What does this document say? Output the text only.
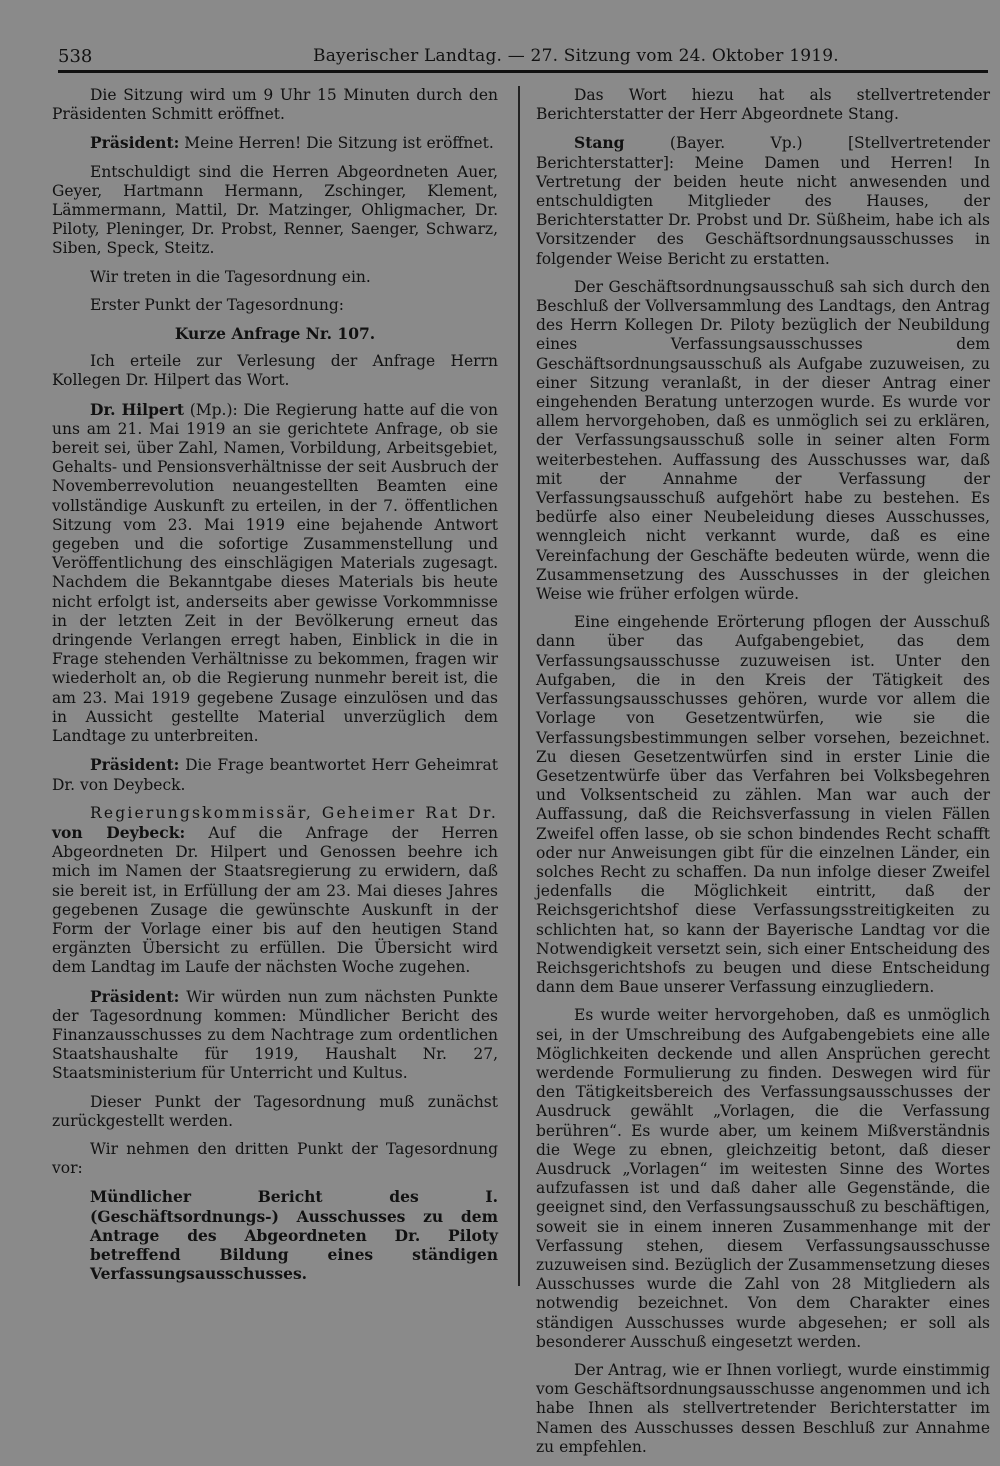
538	Bayerischer Landtag. — 27. Sitzung vom 24. Oktober 1919.

Die Sitzung wird um 9 Uhr 15 Minuten durch den Präsidenten Schmitt eröffnet.

Präsident: Meine Herren! Die Sitzung ist eröffnet.

Entschuldigt sind die Herren Abgeordneten Auer, Geyer, Hartmann Hermann, Zschinger, Klement, Lämmermann, Mattil, Dr. Matzinger, Ohligmacher, Dr. Piloty, Pleninger, Dr. Probst, Renner, Saenger, Schwarz, Siben, Speck, Steitz.

Wir treten in die Tagesordnung ein.

Erster Punkt der Tagesordnung:

Kurze Anfrage Nr. 107.

Ich erteile zur Verlesung der Anfrage Herrn Kollegen Dr. Hilpert das Wort.

Dr. Hilpert (Mp.): Die Regierung hatte auf die von uns am 21. Mai 1919 an sie gerichtete Anfrage, ob sie bereit sei, über Zahl, Namen, Vorbildung, Arbeitsgebiet, Gehalts- und Pensionsverhältnisse der seit Ausbruch der Novemberrevolution neuangestellten Beamten eine vollständige Auskunft zu erteilen, in der 7. öffentlichen Sitzung vom 23. Mai 1919 eine bejahende Antwort gegeben und die sofortige Zusammenstellung und Veröffentlichung des einschlägigen Materials zugesagt. Nachdem die Bekanntgabe dieses Materials bis heute nicht erfolgt ist, anderseits aber gewisse Vorkommnisse in der letzten Zeit in der Bevölkerung erneut das dringende Verlangen erregt haben, Einblick in die in Frage stehenden Verhältnisse zu bekommen, fragen wir wiederholt an, ob die Regierung nunmehr bereit ist, die am 23. Mai 1919 gegebene Zusage einzulösen und das in Aussicht gestellte Material unverzüglich dem Landtage zu unterbreiten.

Präsident: Die Frage beantwortet Herr Geheimrat Dr. von Deybeck.

Regierungskommissär, Geheimer Rat Dr. von Deybeck: Auf die Anfrage der Herren Abgeordneten Dr. Hilpert und Genossen beehre ich mich im Namen der Staatsregierung zu erwidern, daß sie bereit ist, in Erfüllung der am 23. Mai dieses Jahres gegebenen Zusage die gewünschte Auskunft in der Form der Vorlage einer bis auf den heutigen Stand ergänzten Übersicht zu erfüllen. Die Übersicht wird dem Landtag im Laufe der nächsten Woche zugehen.

Präsident: Wir würden nun zum nächsten Punkte der Tagesordnung kommen: Mündlicher Bericht des Finanzausschusses zu dem Nachtrage zum ordentlichen Staatshaushalte für 1919, Haushalt Nr. 27, Staatsministerium für Unterricht und Kultus.

Dieser Punkt der Tagesordnung muß zunächst zurückgestellt werden.

Wir nehmen den dritten Punkt der Tagesordnung vor:

Mündlicher Bericht des I. (Geschäftsordnungs-) Ausschusses zu dem Antrage des Abgeordneten Dr. Piloty betreffend Bildung eines ständigen Verfassungsausschusses.

Das Wort hiezu hat als stellvertretender Berichterstatter der Herr Abgeordnete Stang.

Stang (Bayer. Vp.) [Stellvertretender Berichterstatter]: Meine Damen und Herren! In Vertretung der beiden heute nicht anwesenden und entschuldigten Mitglieder des Hauses, der Berichterstatter Dr. Probst und Dr. Süßheim, habe ich als Vorsitzender des Geschäftsordnungsausschusses in folgender Weise Bericht zu erstatten.

Der Geschäftsordnungsausschuß sah sich durch den Beschluß der Vollversammlung des Landtags, den Antrag des Herrn Kollegen Dr. Piloty bezüglich der Neubildung eines Verfassungsausschusses dem Geschäftsordnungsausschuß als Aufgabe zuzuweisen, zu einer Sitzung veranlaßt, in der dieser Antrag einer eingehenden Beratung unterzogen wurde. Es wurde vor allem hervorgehoben, daß es unmöglich sei zu erklären, der Verfassungsausschuß solle in seiner alten Form weiterbestehen. Auffassung des Ausschusses war, daß mit der Annahme der Verfassung der Verfassungsausschuß aufgehört habe zu bestehen. Es bedürfe also einer Neubeleidung dieses Ausschusses, wenngleich nicht verkannt wurde, daß es eine Vereinfachung der Geschäfte bedeuten würde, wenn die Zusammensetzung des Ausschusses in der gleichen Weise wie früher erfolgen würde.

Eine eingehende Erörterung pflogen der Ausschuß dann über das Aufgabengebiet, das dem Verfassungsausschusse zuzuweisen ist. Unter den Aufgaben, die in den Kreis der Tätigkeit des Verfassungsausschusses gehören, wurde vor allem die Vorlage von Gesetzentwürfen, wie sie die Verfassungsbestimmungen selber vorsehen, bezeichnet. Zu diesen Gesetzentwürfen sind in erster Linie die Gesetzentwürfe über das Verfahren bei Volksbegehren und Volksentscheid zu zählen. Man war auch der Auffassung, daß die Reichsverfassung in vielen Fällen Zweifel offen lasse, ob sie schon bindendes Recht schafft oder nur Anweisungen gibt für die einzelnen Länder, ein solches Recht zu schaffen. Da nun infolge dieser Zweifel jedenfalls die Möglichkeit eintritt, daß der Reichsgerichtshof diese Verfassungsstreitigkeiten zu schlichten hat, so kann der Bayerische Landtag vor die Notwendigkeit versetzt sein, sich einer Entscheidung des Reichsgerichtshofs zu beugen und diese Entscheidung dann dem Baue unserer Verfassung einzugliedern.

Es wurde weiter hervorgehoben, daß es unmöglich sei, in der Umschreibung des Aufgabengebiets eine alle Möglichkeiten deckende und allen Ansprüchen gerecht werdende Formulierung zu finden. Deswegen wird für den Tätigkeitsbereich des Verfassungsausschusses der Ausdruck gewählt „Vorlagen, die die Verfassung berühren“. Es wurde aber, um keinem Mißverständnis die Wege zu ebnen, gleichzeitig betont, daß dieser Ausdruck „Vorlagen“ im weitesten Sinne des Wortes aufzufassen ist und daß daher alle Gegenstände, die geeignet sind, den Verfassungsausschuß zu beschäftigen, soweit sie in einem inneren Zusammenhange mit der Verfassung stehen, diesem Verfassungsausschusse zuzuweisen sind. Bezüglich der Zusammensetzung dieses Ausschusses wurde die Zahl von 28 Mitgliedern als notwendig bezeichnet. Von dem Charakter eines ständigen Ausschusses wurde abgesehen; er soll als besonderer Ausschuß eingesetzt werden.

Der Antrag, wie er Ihnen vorliegt, wurde einstimmig vom Geschäftsordnungsausschusse angenommen und ich habe Ihnen als stellvertretender Berichterstatter im Namen des Ausschusses dessen Beschluß zur Annahme zu empfehlen.
